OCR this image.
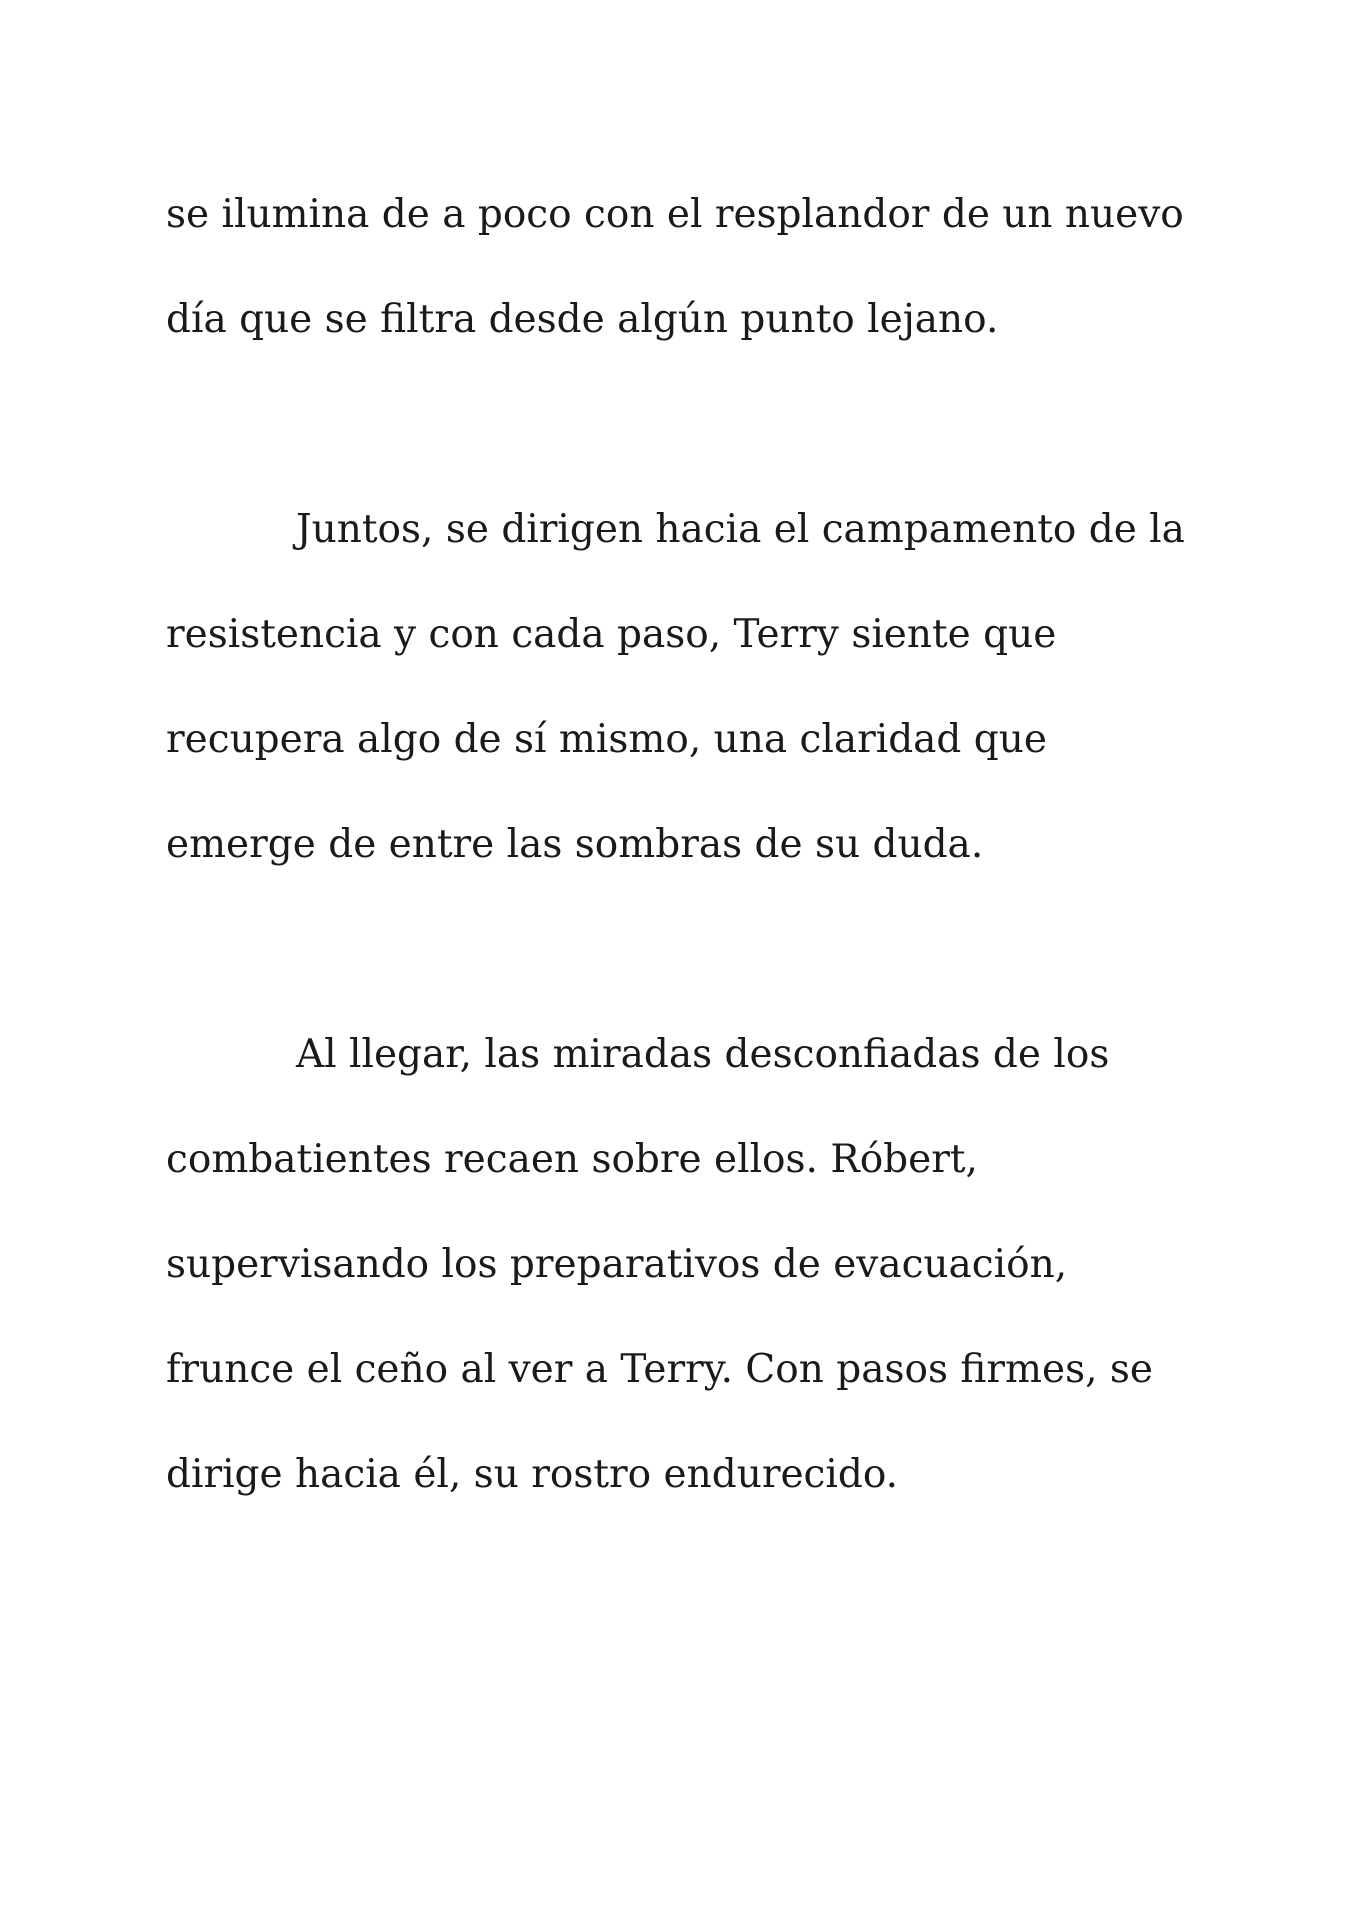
se ilumina de a poco con el resplandor de un nuevo
día que se filtra desde algún punto lejano.
Juntos, se dirigen hacia el campamento de la
resistencia y con cada paso, Terry siente que
recupera algo de sí mismo, una claridad que
emerge de entre las sombras de su duda.
Al llegar, las miradas desconfiadas de los
combatientes recaen sobre ellos. Róbert,
supervisando los preparativos de evacuación,
frunce el ceño al ver a Terry. Con pasos firmes, se
dirige hacia él, su rostro endurecido.
